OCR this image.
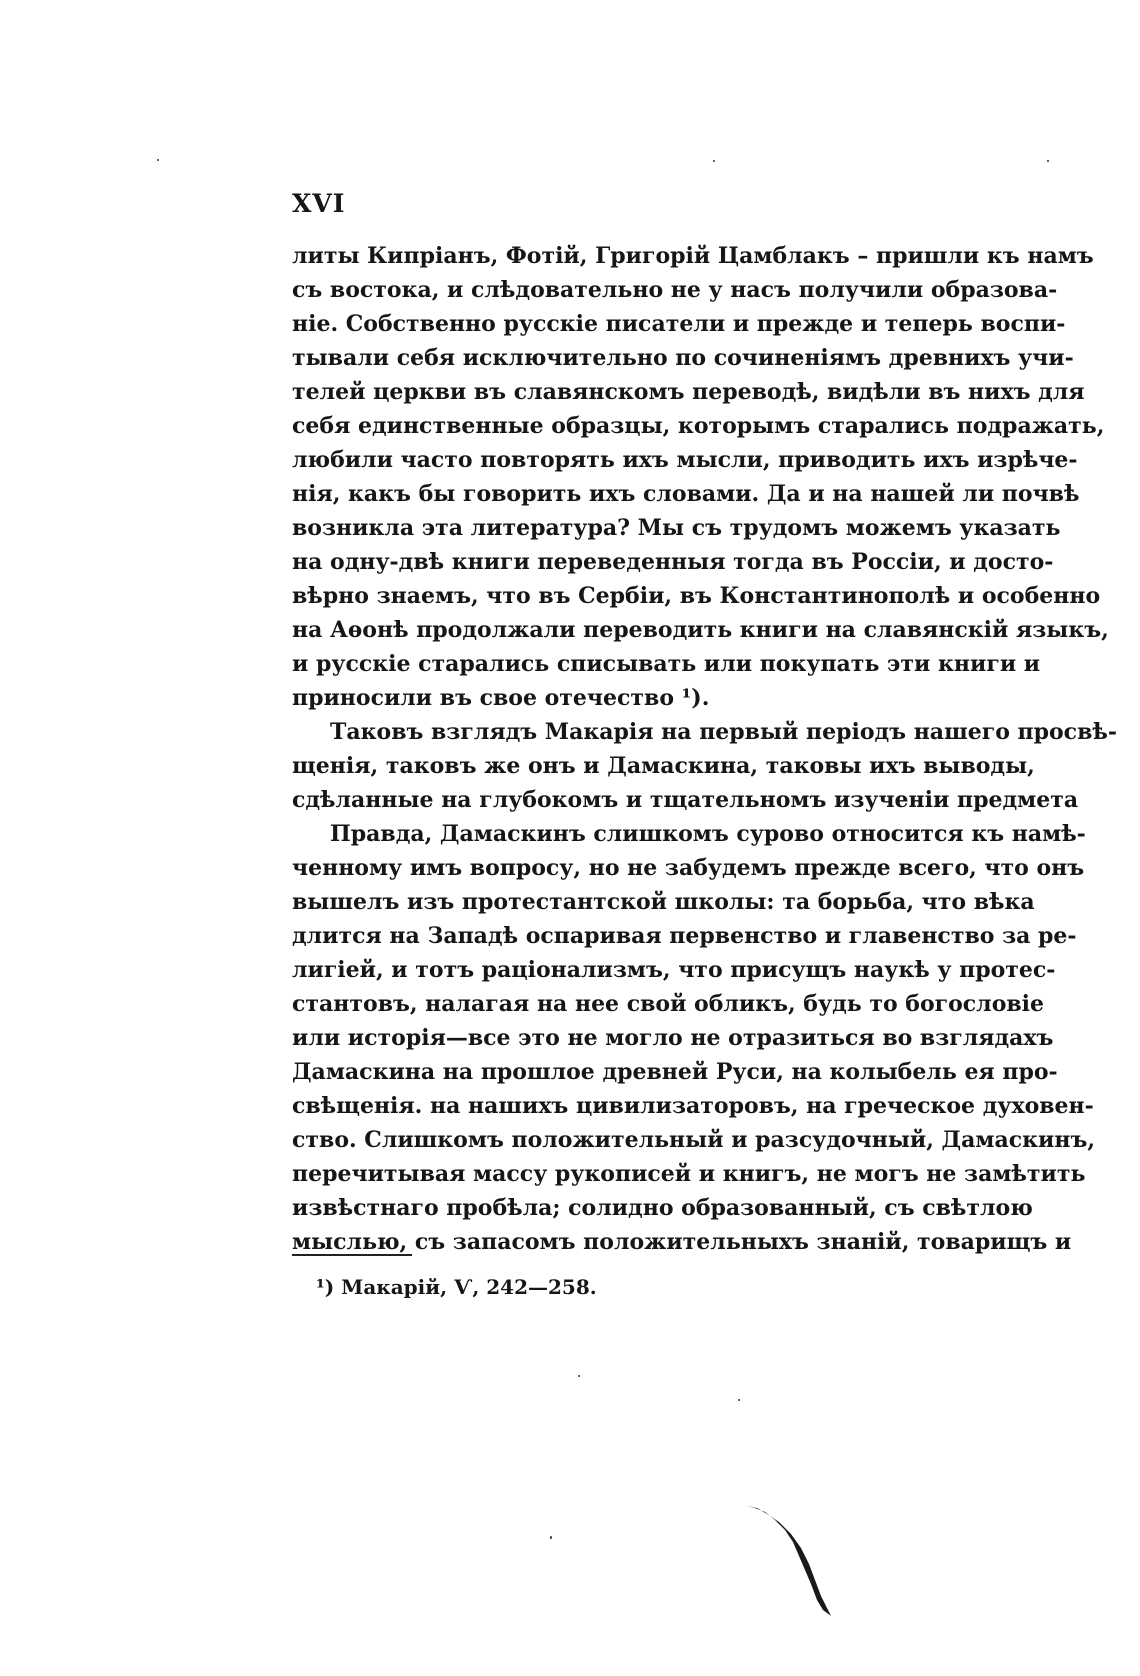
XVI
литы Кипріанъ, Фотій, Григорій Цамблакъ – пришли къ намъ
съ востока, и слѣдовательно не у насъ получили образова-
ніе. Собственно русскіе писатели и прежде и теперь воспи-
тывали себя исключительно по сочиненіямъ древнихъ учи-
телей церкви въ славянскомъ переводѣ, видѣли въ нихъ для
себя единственные образцы, которымъ старались подражать,
любили часто повторять ихъ мысли, приводить ихъ изрѣче-
нія, какъ бы говорить ихъ словами. Да и на нашей ли почвѣ
возникла эта литература? Мы съ трудомъ можемъ указать
на одну-двѣ книги переведенныя тогда въ Россіи, и досто-
вѣрно знаемъ, что въ Сербіи, въ Константинополѣ и особенно
на Аѳонѣ продолжали переводить книги на славянскій языкъ,
и русскіе старались списывать или покупать эти книги и
приносили въ свое отечество ¹).
Таковъ взглядъ Макарія на первый періодъ нашего просвѣ-
щенія, таковъ же онъ и Дамаскина, таковы ихъ выводы,
сдѣланные на глубокомъ и тщательномъ изученіи предмета
Правда, Дамаскинъ слишкомъ сурово относится къ намѣ-
ченному имъ вопросу, но не забудемъ прежде всего, что онъ
вышелъ изъ протестантской школы: та борьба, что вѣка
длится на Западѣ оспаривая первенство и главенство за ре-
лигіей, и тотъ раціонализмъ, что присущъ наукѣ у протес-
стантовъ, налагая на нее свой обликъ, будь то богословіе
или исторія—все это не могло не отразиться во взглядахъ
Дамаскина на прошлое древней Руси, на колыбель ея про-
свѣщенія. на нашихъ цивилизаторовъ, на греческое духовен-
ство. Слишкомъ положительный и разсудочный, Дамаскинъ,
перечитывая массу рукописей и книгъ, не могъ не замѣтить
извѣстнаго пробѣла; солидно образованный, съ свѣтлою
мыслью, съ запасомъ положительныхъ знаній, товарищъ и
¹) Макарій, Ѵ, 242—258.
